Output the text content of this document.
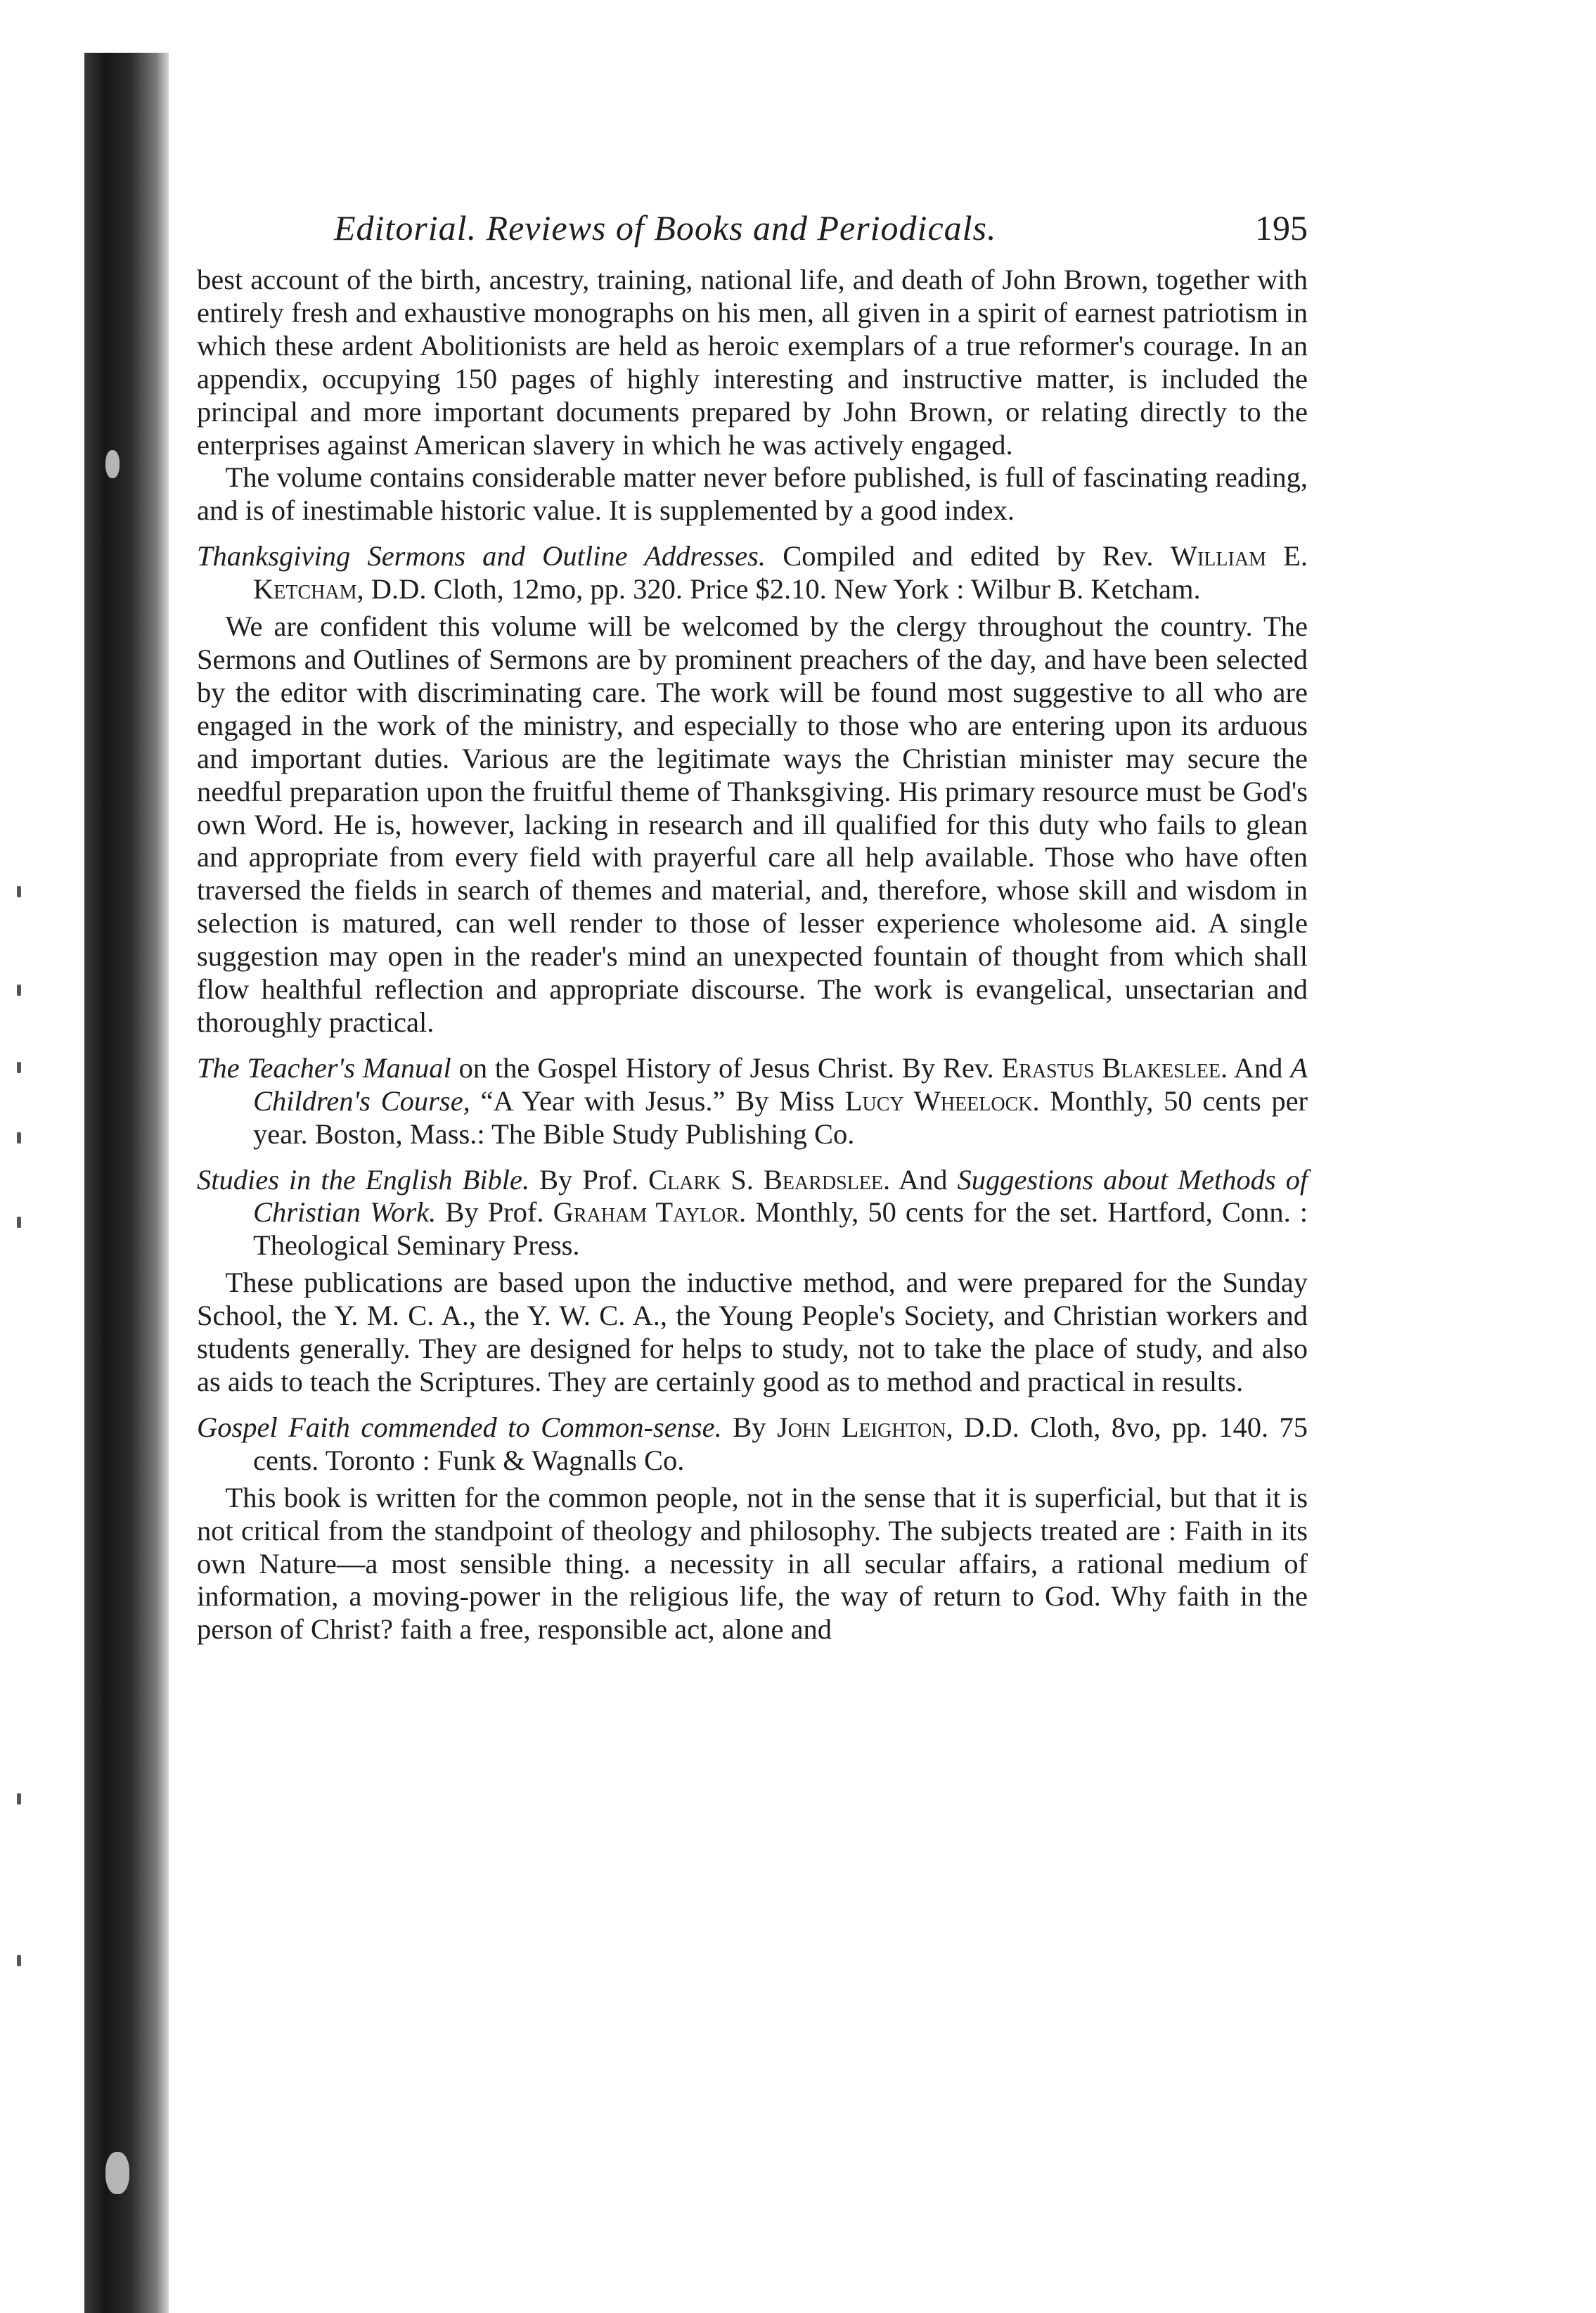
Editorial. Reviews of Books and Periodicals.	195

best account of the birth, ancestry, training, national life, and death of John Brown, together with entirely fresh and exhaustive monographs on his men, all given in a spirit of earnest patriotism in which these ardent Abolitionists are held as heroic exemplars of a true reformer's courage. In an appendix, occupying 150 pages of highly interesting and instructive matter, is included the principal and more important documents prepared by John Brown, or relating directly to the enterprises against American slavery in which he was actively engaged.

The volume contains considerable matter never before published, is full of fascinating reading, and is of inestimable historic value. It is supplemented by a good index.

Thanksgiving Sermons and Outline Addresses. Compiled and edited by Rev. William E. Ketcham, D.D. Cloth, 12mo, pp. 320. Price $2.10. New York : Wilbur B. Ketcham.

We are confident this volume will be welcomed by the clergy throughout the country. The Sermons and Outlines of Sermons are by prominent preachers of the day, and have been selected by the editor with discriminating care. The work will be found most suggestive to all who are engaged in the work of the ministry, and especially to those who are entering upon its arduous and important duties. Various are the legitimate ways the Christian minister may secure the needful preparation upon the fruitful theme of Thanksgiving. His primary resource must be God's own Word. He is, however, lacking in research and ill qualified for this duty who fails to glean and appropriate from every field with prayerful care all help available. Those who have often traversed the fields in search of themes and material, and, therefore, whose skill and wisdom in selection is matured, can well render to those of lesser experience wholesome aid. A single suggestion may open in the reader's mind an unexpected fountain of thought from which shall flow healthful reflection and appropriate discourse. The work is evangelical, unsectarian and thoroughly practical.

The Teacher's Manual on the Gospel History of Jesus Christ. By Rev. Erastus Blakeslee. And A Children's Course, “A Year with Jesus.” By Miss Lucy Wheelock. Monthly, 50 cents per year. Boston, Mass.: The Bible Study Publishing Co.

Studies in the English Bible. By Prof. Clark S. Beardslee. And Suggestions about Methods of Christian Work. By Prof. Graham Taylor. Monthly, 50 cents for the set. Hartford, Conn. : Theological Seminary Press.

These publications are based upon the inductive method, and were prepared for the Sunday School, the Y. M. C. A., the Y. W. C. A., the Young People's Society, and Christian workers and students generally. They are designed for helps to study, not to take the place of study, and also as aids to teach the Scriptures. They are certainly good as to method and practical in results.

Gospel Faith commended to Common-sense. By John Leighton, D.D. Cloth, 8vo, pp. 140. 75 cents. Toronto : Funk & Wagnalls Co.

This book is written for the common people, not in the sense that it is superficial, but that it is not critical from the standpoint of theology and philosophy. The subjects treated are : Faith in its own Nature—a most sensible thing. a necessity in all secular affairs, a rational medium of information, a moving-power in the religious life, the way of return to God. Why faith in the person of Christ? faith a free, responsible act, alone and
